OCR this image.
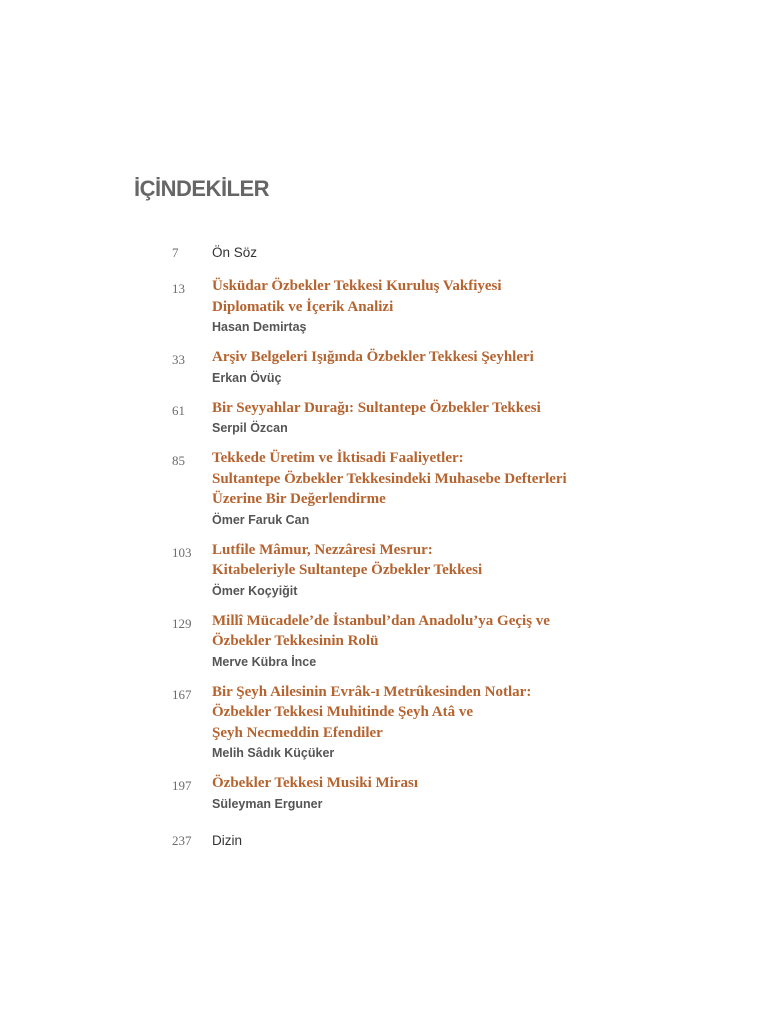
İÇİNDEKİLER
7	Ön Söz
13	Üsküdar Özbekler Tekkesi Kuruluş Vakfiyesi
Diplomatik ve İçerik Analizi
Hasan Demirtaş
33	Arşiv Belgeleri Işığında Özbekler Tekkesi Şeyhleri
Erkan Övüç
61	Bir Seyyahlar Durağı: Sultantepe Özbekler Tekkesi
Serpil Özcan
85	Tekkede Üretim ve İktisadi Faaliyetler:
Sultantepe Özbekler Tekkesindeki Muhasebe Defterleri
Üzerine Bir Değerlendirme
Ömer Faruk Can
103	Lutfile Mâmur, Nezzâresi Mesrur:
Kitabeleriyle Sultantepe Özbekler Tekkesi
Ömer Koçyiğit
129	Millî Mücadele’de İstanbul’dan Anadolu’ya Geçiş ve
Özbekler Tekkesinin Rolü
Merve Kübra İnce
167	Bir Şeyh Ailesinin Evrâk-ı Metrûkesinden Notlar:
Özbekler Tekkesi Muhitinde Şeyh Atâ ve
Şeyh Necmeddin Efendiler
Melih Sâdık Küçüker
197	Özbekler Tekkesi Musiki Mirası
Süleyman Erguner
237	Dizin
